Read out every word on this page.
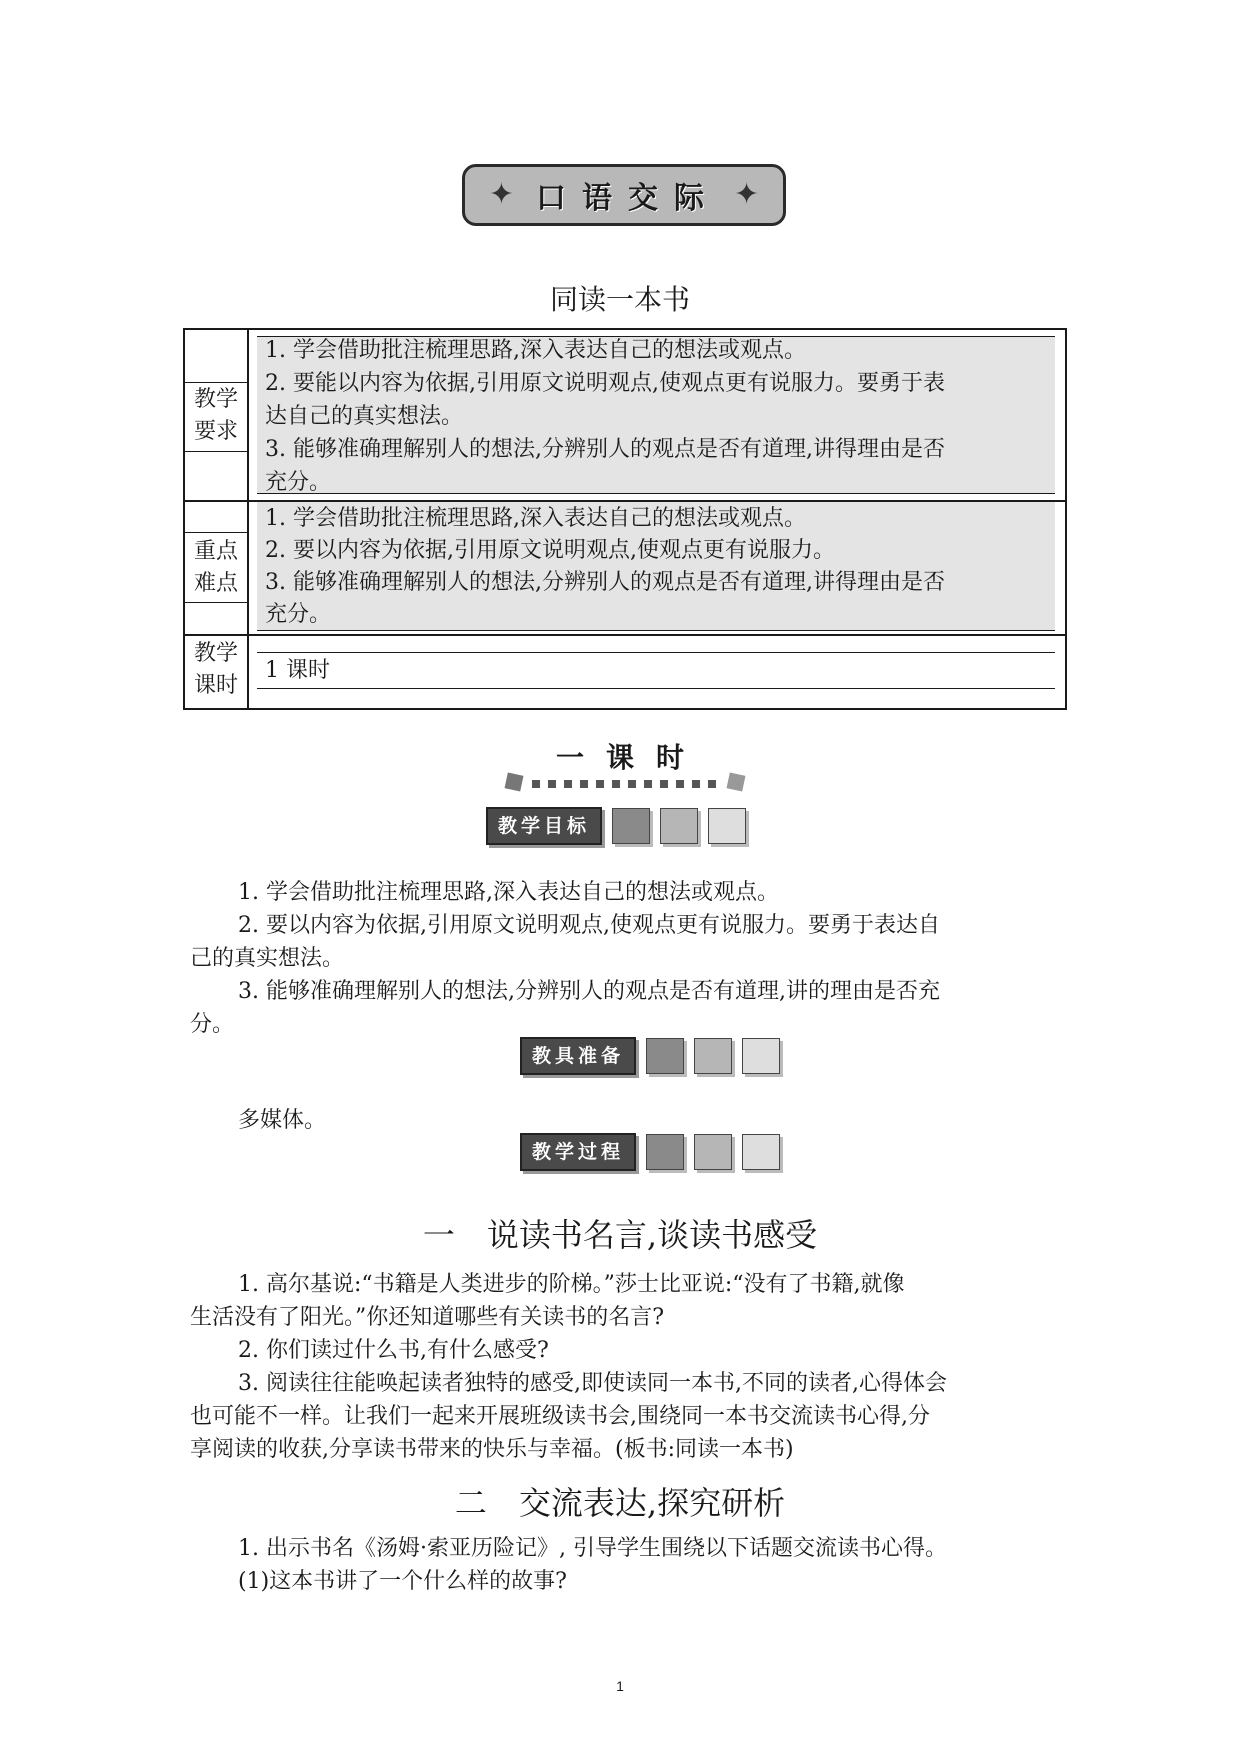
✦ 口语交际 ✦
同读一本书
教学
要求
1. 学会借助批注梳理思路,深入表达自己的想法或观点。
2. 要能以内容为依据,引用原文说明观点,使观点更有说服力。要勇于表
达自己的真实想法。
3. 能够准确理解别人的想法,分辨别人的观点是否有道理,讲得理由是否
充分。
重点
难点
1. 学会借助批注梳理思路,深入表达自己的想法或观点。
2. 要以内容为依据,引用原文说明观点,使观点更有说服力。
3. 能够准确理解别人的想法,分辨别人的观点是否有道理,讲得理由是否
充分。
教学
课时
1 课时
一课时
教学目标
1. 学会借助批注梳理思路,深入表达自己的想法或观点。
2. 要以内容为依据,引用原文说明观点,使观点更有说服力。要勇于表达自
己的真实想法。
3. 能够准确理解别人的想法,分辨别人的观点是否有道理,讲的理由是否充
分。
教具准备
多媒体。
教学过程
一　说读书名言,谈读书感受
1. 高尔基说:“书籍是人类进步的阶梯。”莎士比亚说:“没有了书籍,就像
生活没有了阳光。”你还知道哪些有关读书的名言?
2. 你们读过什么书,有什么感受?
3. 阅读往往能唤起读者独特的感受,即使读同一本书,不同的读者,心得体会
也可能不一样。让我们一起来开展班级读书会,围绕同一本书交流读书心得,分
享阅读的收获,分享读书带来的快乐与幸福。(板书:同读一本书)
二　交流表达,探究研析
1. 出示书名《汤姆·索亚历险记》, 引导学生围绕以下话题交流读书心得。
(1)这本书讲了一个什么样的故事?
1
